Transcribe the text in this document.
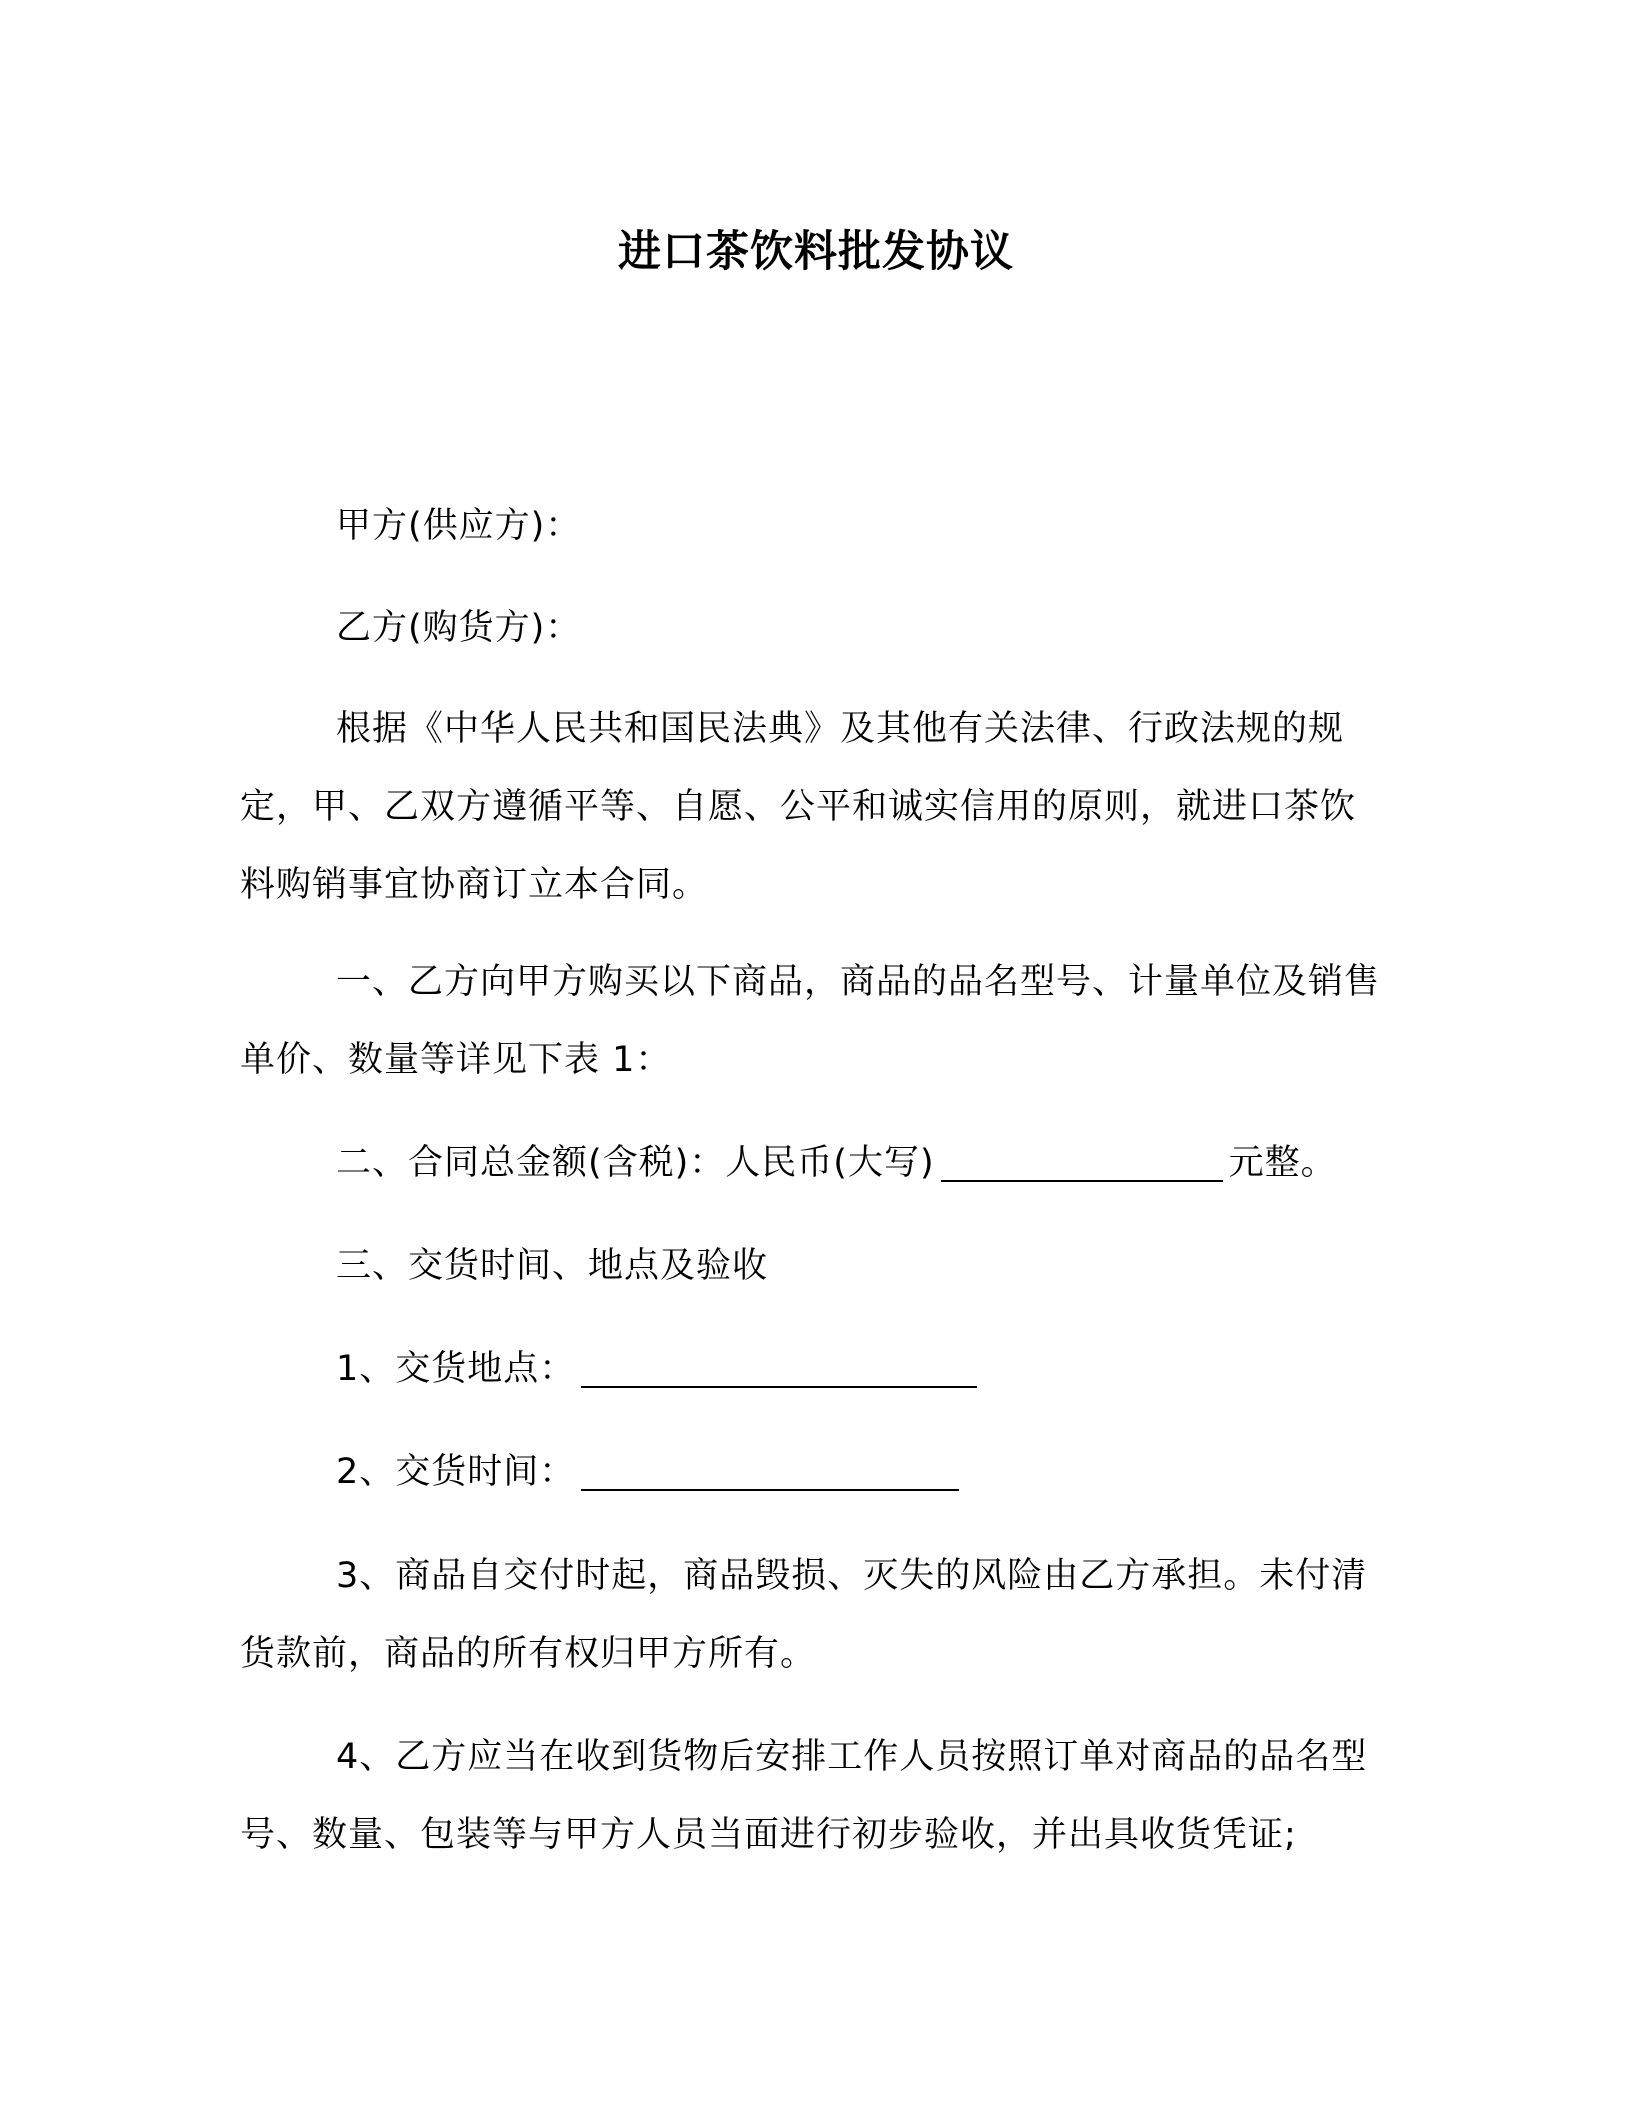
进口茶饮料批发协议
甲方(供应方)：
乙方(购货方)：
根据《中华人民共和国民法典》及其他有关法律、行政法规的规定，甲、乙双方遵循平等、自愿、公平和诚实信用的原则，就进口茶饮料购销事宜协商订立本合同。
一、乙方向甲方购买以下商品，商品的品名型号、计量单位及销售单价、数量等详见下表 1：
二、合同总金额(含税)：人民币(大写)	元整。
三、交货时间、地点及验收
1、交货地点：
2、交货时间：
3、商品自交付时起，商品毁损、灭失的风险由乙方承担。未付清货款前，商品的所有权归甲方所有。
4、乙方应当在收到货物后安排工作人员按照订单对商品的品名型号、数量、包装等与甲方人员当面进行初步验收，并出具收货凭证;
